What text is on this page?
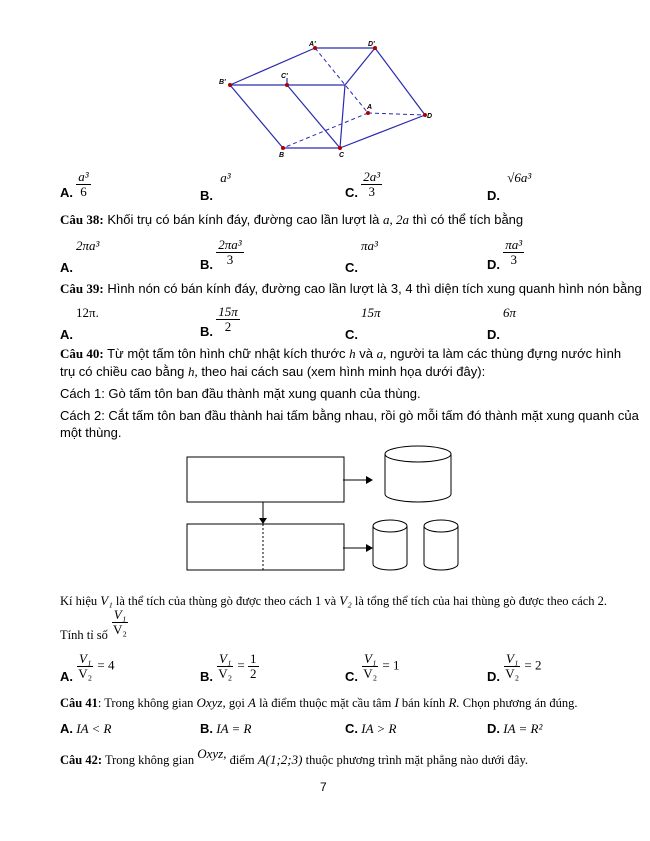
A'	D'
B'
C'
A
D
B	C
A. $\frac{\text{a³}}{6}$	B. a³
C. $\frac{\text{2a³}}{3}$	D. √6a³
Câu 38: Khối trụ có bán kính đáy, đường cao lần lượt là a, 2a thì có thể tích bằng
2πa³
A.	B. $\frac{\text{2πa³}}{3}$	πa³
C.	D. $\frac{\text{πa³}}{3}$
Câu 39: Hình nón có bán kính đáy, đường cao lần lượt là 3, 4 thì diện tích xung quanh hình nón bằng
12π.
A.	B. $\frac{15\pi}{2}$	15π
C.
6π
D.
Câu 40: Từ một tấm tôn hình chữ nhật kích thước h và a, người ta làm các thùng đựng nước hình
trụ có chiều cao bằng h, theo hai cách sau (xem hình minh họa dưới đây):
Cách 1: Gò tấm tôn ban đầu thành mặt xung quanh của thùng.
Cách 2: Cắt tấm tôn ban đầu thành hai tấm bằng nhau, rồi gò mỗi tấm đó thành mặt xung quanh của
một thùng.
Kí hiệu V₁ là thể tích của thùng gò được theo cách 1 và V₂ là tổng thể tích của hai thùng gò được theo cách 2.
Tính tỉ số $\frac{\text{V₁}}{\text{V₂}}$
A. $\frac{\text{V₁}}{\text{V₂}} = 4$
B. $\frac{\text{V₁}}{\text{V₂}} = \frac{1}{2}$	C. $\frac{\text{V₁}}{\text{V₂}} = 1$
D. $\frac{\text{V₁}}{\text{V₂}} = 2$
Câu 41: Trong không gian Oxyz, gọi A là điểm thuộc mặt cầu tâm I bán kính R. Chọn phương án đúng.
A. IA < R	B. IA = R	C. IA > R	D. IA = R²
Câu 42: Trong không gian Oxyz, điểm A(1;2;3) thuộc phương trình mặt phẳng nào dưới đây.
7
